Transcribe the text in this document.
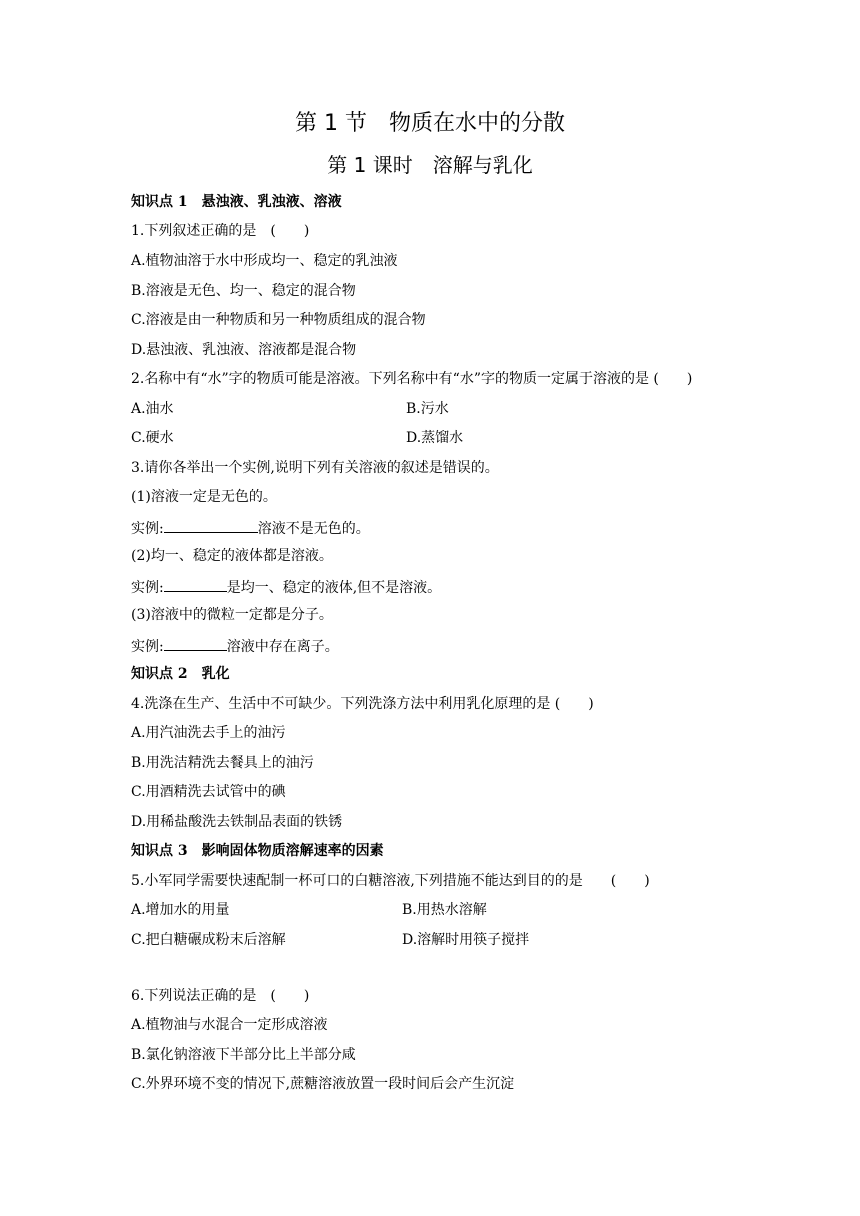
第 1 节　物质在水中的分散
第 1 课时　溶解与乳化
知识点 1　悬浊液、乳浊液、溶液
1.下列叙述正确的是　(　　)
A.植物油溶于水中形成均一、稳定的乳浊液
B.溶液是无色、均一、稳定的混合物
C.溶液是由一种物质和另一种物质组成的混合物
D.悬浊液、乳浊液、溶液都是混合物
2.名称中有“水”字的物质可能是溶液。下列名称中有“水”字的物质一定属于溶液的是 (　　)
A.油水	B.污水
C.硬水	D.蒸馏水
3.请你各举出一个实例,说明下列有关溶液的叙述是错误的。
(1)溶液一定是无色的。
实例:	溶液不是无色的。
(2)均一、稳定的液体都是溶液。
实例:	是均一、稳定的液体,但不是溶液。
(3)溶液中的微粒一定都是分子。
实例:	溶液中存在离子。
知识点 2　乳化
4.洗涤在生产、生活中不可缺少。下列洗涤方法中利用乳化原理的是 (　　)
A.用汽油洗去手上的油污
B.用洗洁精洗去餐具上的油污
C.用酒精洗去试管中的碘
D.用稀盐酸洗去铁制品表面的铁锈
知识点 3　影响固体物质溶解速率的因素
5.小军同学需要快速配制一杯可口的白糖溶液,下列措施不能达到目的的是　　(　　)
A.增加水的用量	B.用热水溶解
C.把白糖碾成粉末后溶解	D.溶解时用筷子搅拌
6.下列说法正确的是　(　　)
A.植物油与水混合一定形成溶液
B.氯化钠溶液下半部分比上半部分咸
C.外界环境不变的情况下,蔗糖溶液放置一段时间后会产生沉淀
